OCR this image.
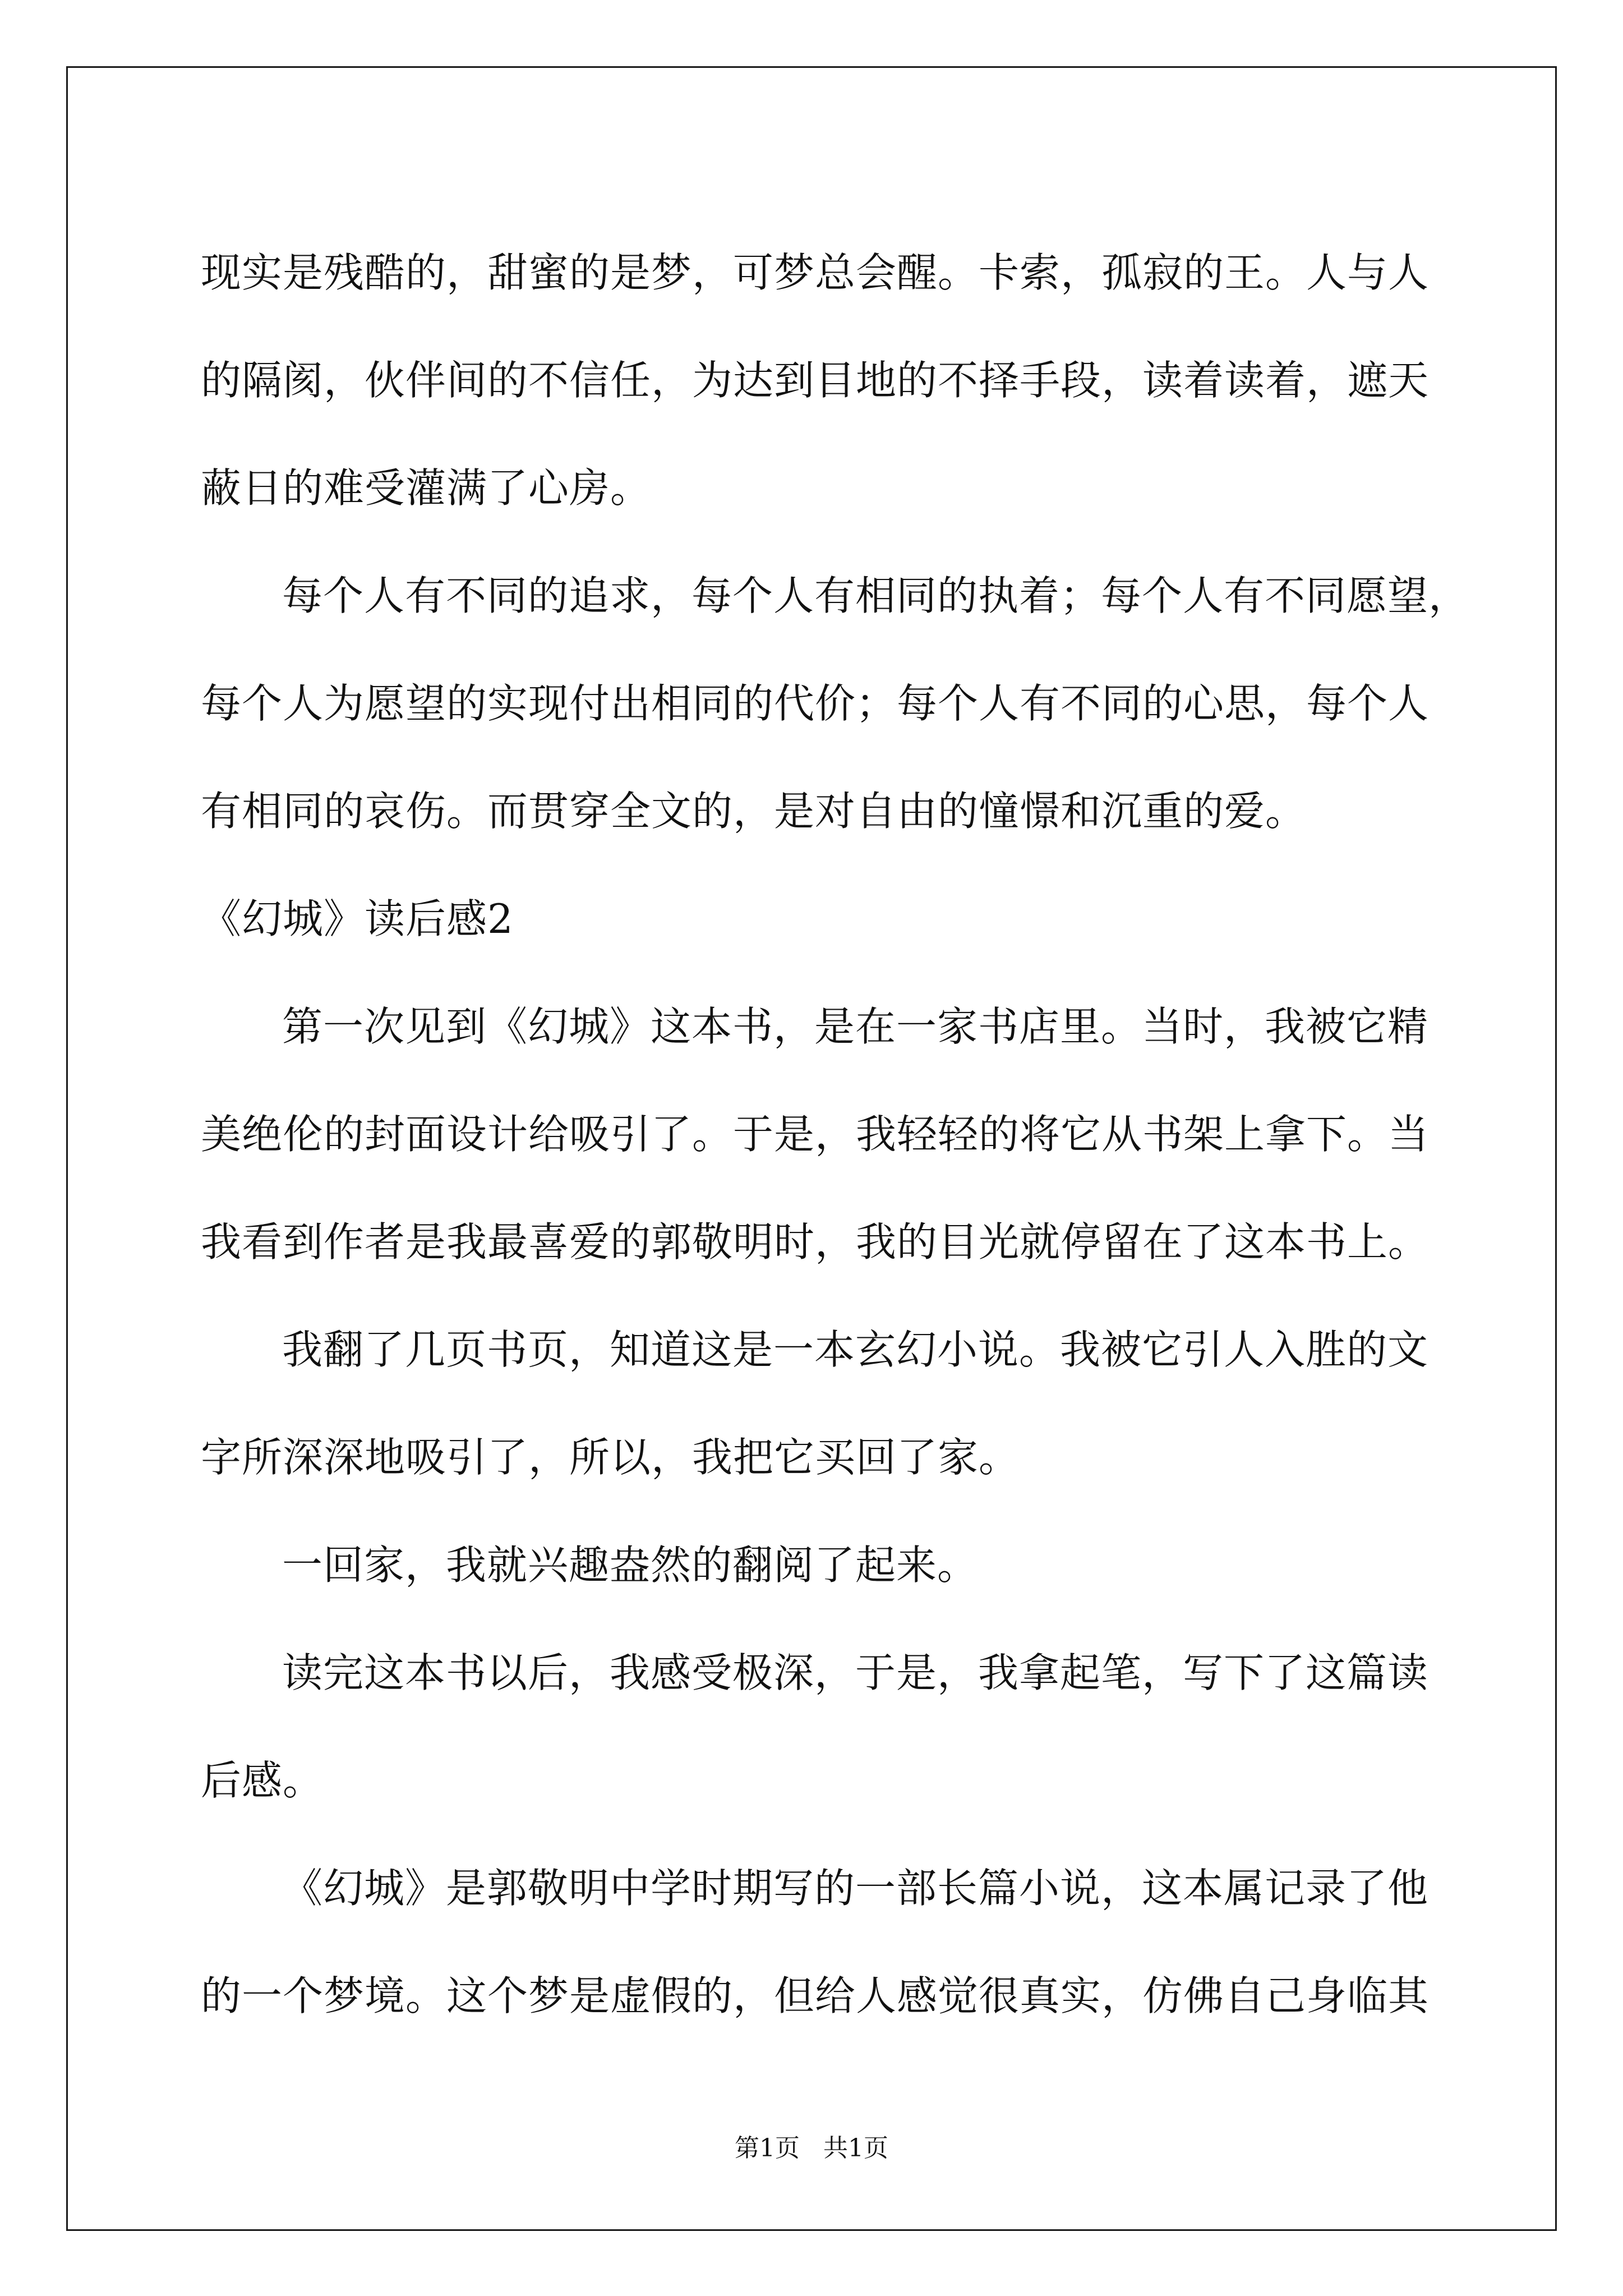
现实是残酷的，甜蜜的是梦，可梦总会醒。卡索，孤寂的王。人与人
的隔阂，伙伴间的不信任，为达到目地的不择手段，读着读着，遮天
蔽日的难受灌满了心房。
每个人有不同的追求，每个人有相同的执着；每个人有不同愿望，
每个人为愿望的实现付出相同的代价；每个人有不同的心思，每个人
有相同的哀伤。而贯穿全文的，是对自由的憧憬和沉重的爱。
《幻城》读后感2
第一次见到《幻城》这本书，是在一家书店里。当时，我被它精
美绝伦的封面设计给吸引了。于是，我轻轻的将它从书架上拿下。当
我看到作者是我最喜爱的郭敬明时，我的目光就停留在了这本书上。
我翻了几页书页，知道这是一本玄幻小说。我被它引人入胜的文
字所深深地吸引了，所以，我把它买回了家。
一回家，我就兴趣盎然的翻阅了起来。
读完这本书以后，我感受极深，于是，我拿起笔，写下了这篇读
后感。
《幻城》是郭敬明中学时期写的一部长篇小说，这本属记录了他
的一个梦境。这个梦是虚假的，但给人感觉很真实，仿佛自己身临其
第1页 共1页
